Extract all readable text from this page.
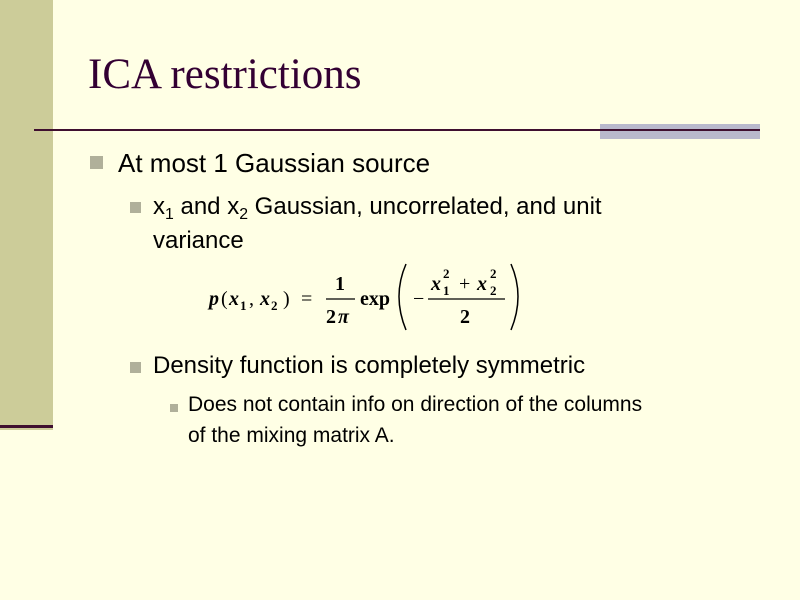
ICA restrictions
At most 1 Gaussian source
$x_1$ and $x_2$ Gaussian, uncorrelated, and unit
variance
p ( x 1 , x 2 ) =
1
2 π
exp −
x 2
1 + x 2
2
2
Density function is completely symmetric
Does not contain info on direction of the columns
of the mixing matrix A.
